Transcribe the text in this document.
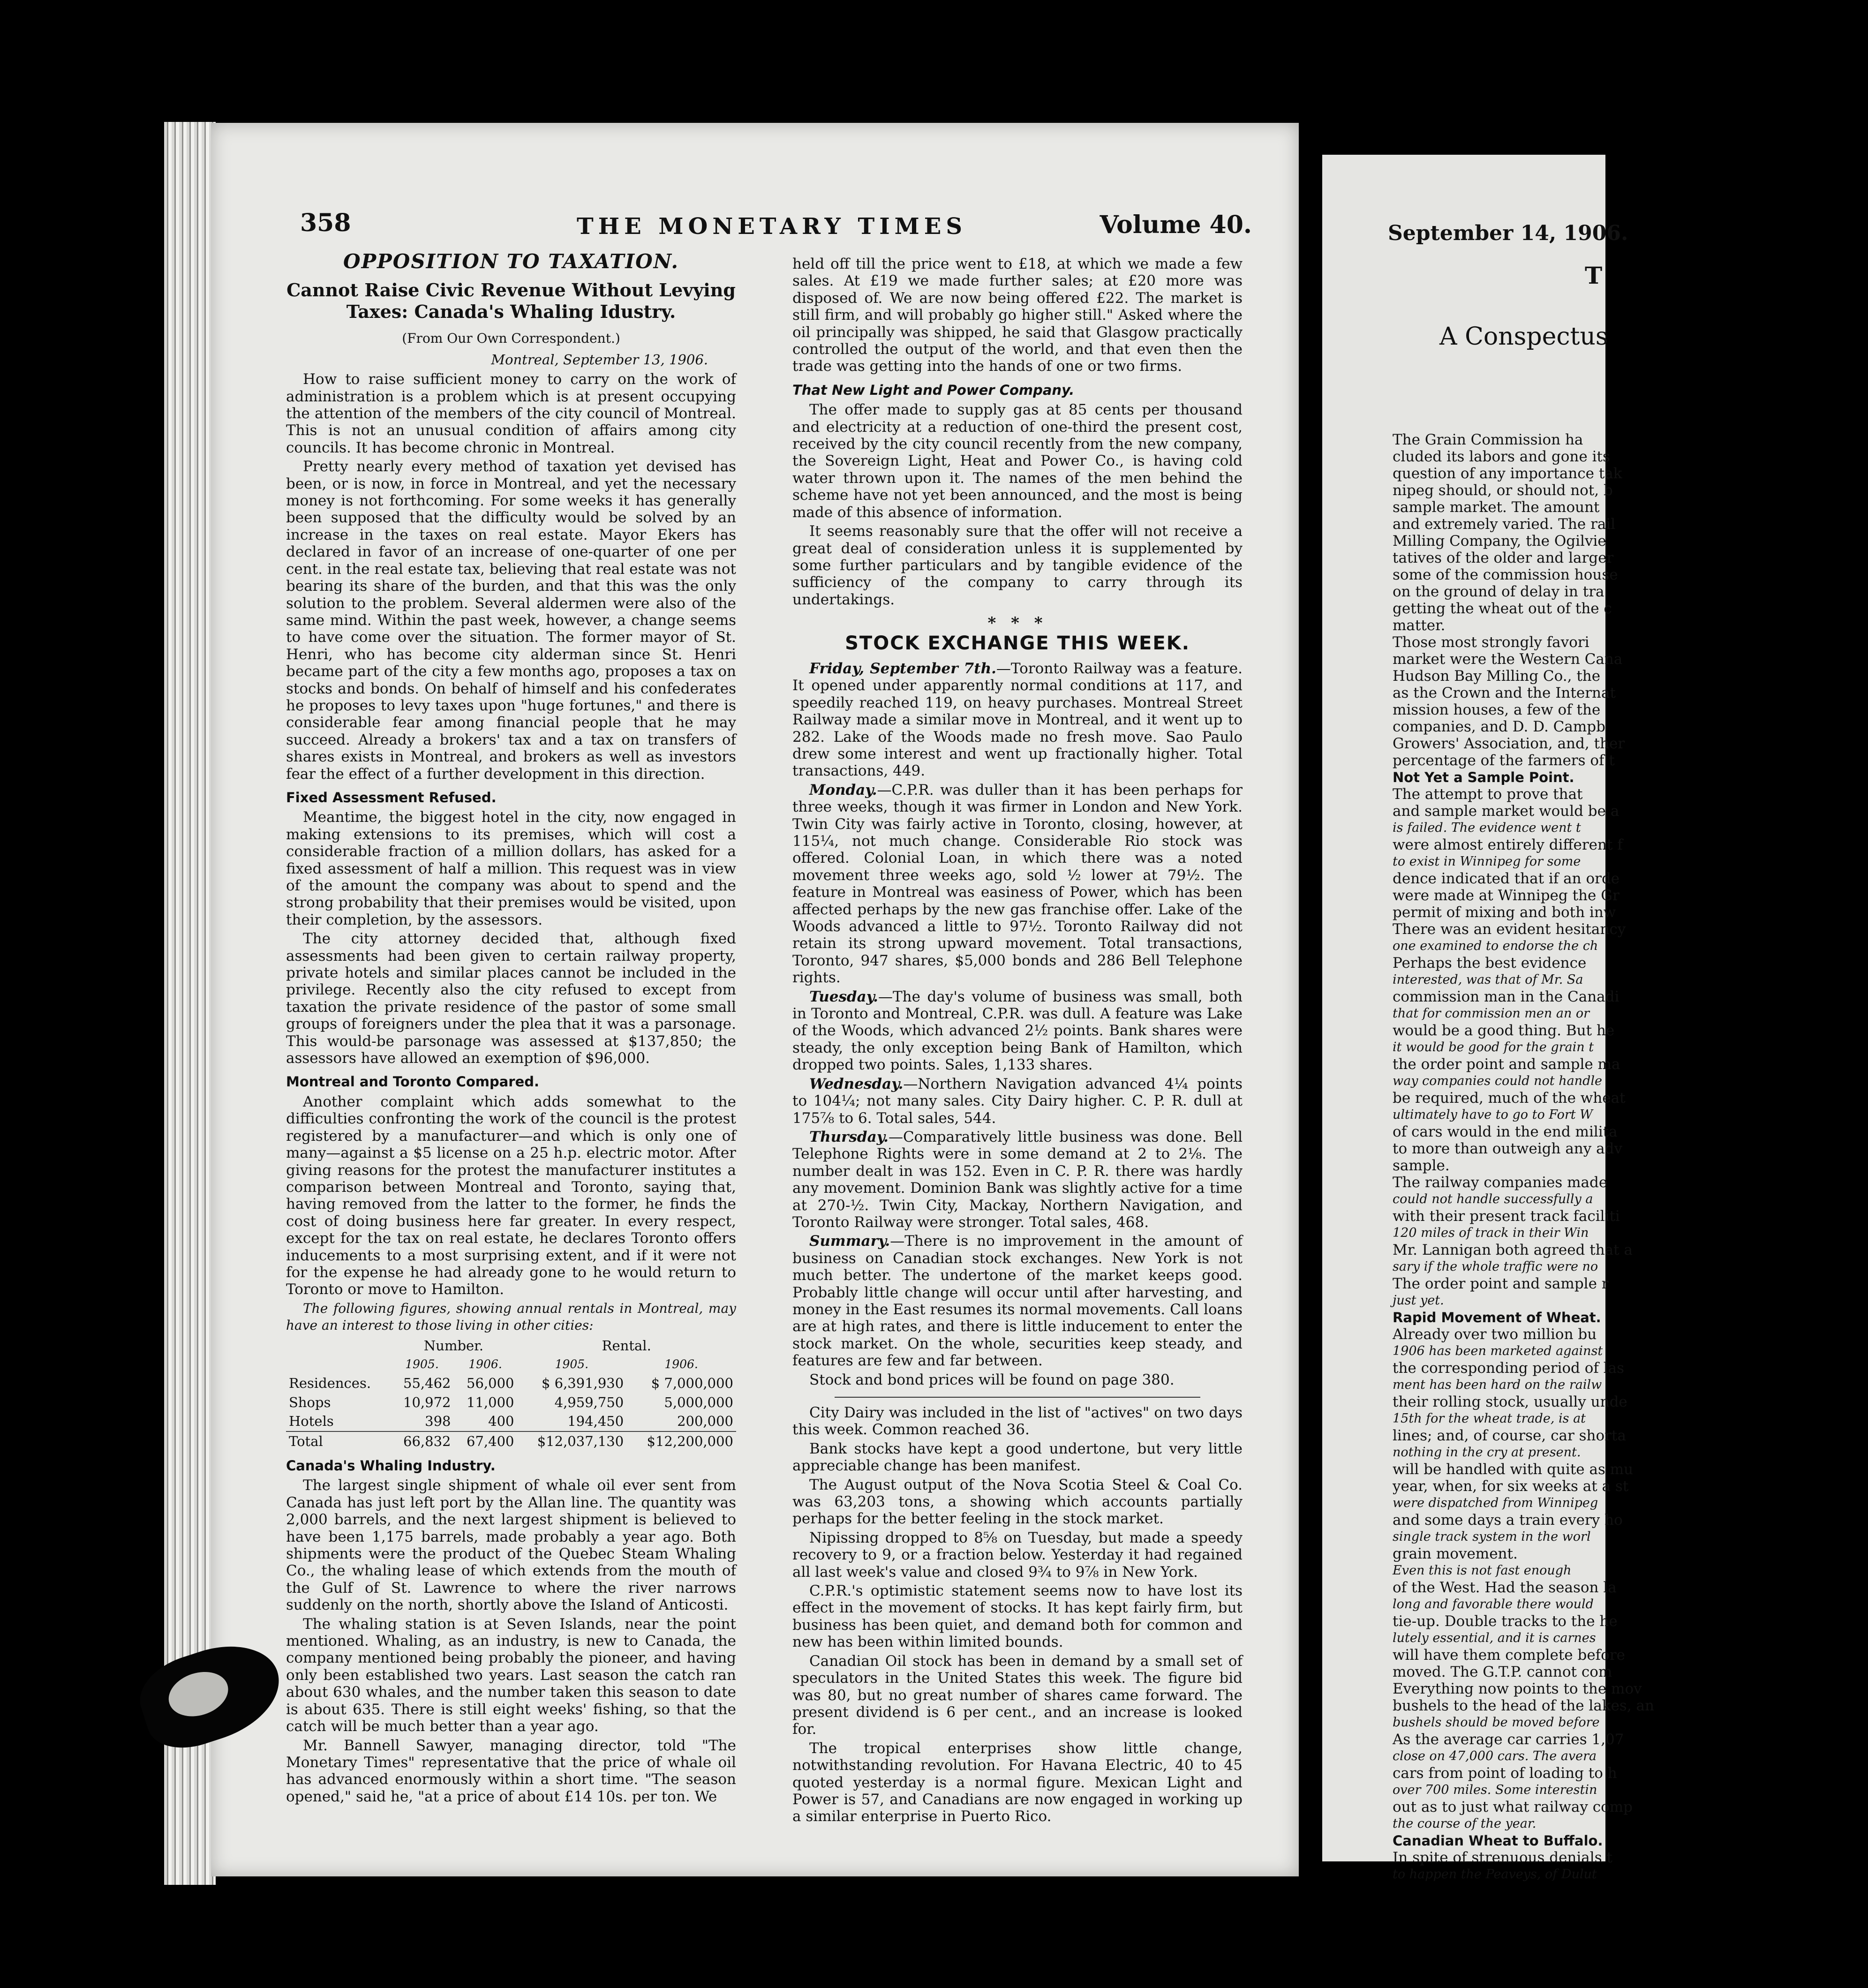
358	THE MONETARY TIMES	Volume 40.
OPPOSITION TO TAXATION.
Cannot Raise Civic Revenue Without Levying Taxes: Canada's Whaling Idustry.
(From Our Own Correspondent.)
Montreal, September 13, 1906.

How to raise sufficient money to carry on the work of administration is a problem which is at present occupying the attention of the members of the city council of Montreal. This is not an unusual condition of affairs among city councils. It has become chronic in Montreal.

Pretty nearly every method of taxation yet devised has been, or is now, in force in Montreal, and yet the necessary money is not forthcoming. For some weeks it has generally been supposed that the difficulty would be solved by an increase in the taxes on real estate. Mayor Ekers has declared in favor of an increase of one-quarter of one per cent. in the real estate tax, believing that real estate was not bearing its share of the burden, and that this was the only solution to the problem. Several aldermen were also of the same mind. Within the past week, however, a change seems to have come over the situation. The former mayor of St. Henri, who has become city alderman since St. Henri became part of the city a few months ago, proposes a tax on stocks and bonds. On behalf of himself and his confederates he proposes to levy taxes upon "huge fortunes," and there is considerable fear among financial people that he may succeed. Already a brokers' tax and a tax on transfers of shares exists in Montreal, and brokers as well as investors fear the effect of a further development in this direction.

Fixed Assessment Refused.

Meantime, the biggest hotel in the city, now engaged in making extensions to its premises, which will cost a considerable fraction of a million dollars, has asked for a fixed assessment of half a million. This request was in view of the amount the company was about to spend and the strong probability that their premises would be visited, upon their completion, by the assessors.

The city attorney decided that, although fixed assessments had been given to certain railway property, private hotels and similar places cannot be included in the privilege. Recently also the city refused to except from taxation the private residence of the pastor of some small groups of foreigners under the plea that it was a parsonage. This would-be parsonage was assessed at $137,850; the assessors have allowed an exemption of $96,000.

Montreal and Toronto Compared.

Another complaint which adds somewhat to the difficulties confronting the work of the council is the protest registered by a manufacturer—and which is only one of many—against a $5 license on a 25 h.p. electric motor. After giving reasons for the protest the manufacturer institutes a comparison between Montreal and Toronto, saying that, having removed from the latter to the former, he finds the cost of doing business here far greater. In every respect, except for the tax on real estate, he declares Toronto offers inducements to a most surprising extent, and if it were not for the expense he had already gone to he would return to Toronto or move to Hamilton.

The following figures, showing annual rentals in Montreal, may have an interest to those living in other cities:

	Number.		Rental.	
	1905.	1906.	1905.	1906.
Residences.	55,462	56,000	$ 6,391,930	$ 7,000,000
Shops	10,972	11,000	4,959,750	5,000,000
Hotels	398	400	194,450	200,000
Total	66,832	67,400	$12,037,130	$12,200,000
Canada's Whaling Industry.

The largest single shipment of whale oil ever sent from Canada has just left port by the Allan line. The quantity was 2,000 barrels, and the next largest shipment is believed to have been 1,175 barrels, made probably a year ago. Both shipments were the product of the Quebec Steam Whaling Co., the whaling lease of which extends from the mouth of the Gulf of St. Lawrence to where the river narrows suddenly on the north, shortly above the Island of Anticosti.

The whaling station is at Seven Islands, near the point mentioned. Whaling, as an industry, is new to Canada, the company mentioned being probably the pioneer, and having only been established two years. Last season the catch ran about 630 whales, and the number taken this season to date is about 635. There is still eight weeks' fishing, so that the catch will be much better than a year ago.

Mr. Bannell Sawyer, managing director, told "The Monetary Times" representative that the price of whale oil has advanced enormously within a short time. "The season opened," said he, "at a price of about £14 10s. per ton. We

held off till the price went to £18, at which we made a few sales. At £19 we made further sales; at £20 more was disposed of. We are now being offered £22. The market is still firm, and will probably go higher still." Asked where the oil principally was shipped, he said that Glasgow practically controlled the output of the world, and that even then the trade was getting into the hands of one or two firms.

That New Light and Power Company.

The offer made to supply gas at 85 cents per thousand and electricity at a reduction of one-third the present cost, received by the city council recently from the new company, the Sovereign Light, Heat and Power Co., is having cold water thrown upon it. The names of the men behind the scheme have not yet been announced, and the most is being made of this absence of information.

It seems reasonably sure that the offer will not receive a great deal of consideration unless it is supplemented by some further particulars and by tangible evidence of the sufficiency of the company to carry through its undertakings.

* * *
STOCK EXCHANGE THIS WEEK.

Friday, September 7th.—Toronto Railway was a feature. It opened under apparently normal conditions at 117, and speedily reached 119, on heavy purchases. Montreal Street Railway made a similar move in Montreal, and it went up to 282. Lake of the Woods made no fresh move. Sao Paulo drew some interest and went up fractionally higher. Total transactions, 449.

Monday.—C.P.R. was duller than it has been perhaps for three weeks, though it was firmer in London and New York. Twin City was fairly active in Toronto, closing, however, at 115¼, not much change. Considerable Rio stock was offered. Colonial Loan, in which there was a noted movement three weeks ago, sold ½ lower at 79½. The feature in Montreal was easiness of Power, which has been affected perhaps by the new gas franchise offer. Lake of the Woods advanced a little to 97½. Toronto Railway did not retain its strong upward movement. Total transactions, Toronto, 947 shares, $5,000 bonds and 286 Bell Telephone rights.

Tuesday.—The day's volume of business was small, both in Toronto and Montreal, C.P.R. was dull. A feature was Lake of the Woods, which advanced 2½ points. Bank shares were steady, the only exception being Bank of Hamilton, which dropped two points. Sales, 1,133 shares.

Wednesday.—Northern Navigation advanced 4¼ points to 104¼; not many sales. City Dairy higher. C. P. R. dull at 175⅞ to 6. Total sales, 544.

Thursday.—Comparatively little business was done. Bell Telephone Rights were in some demand at 2 to 2⅛. The number dealt in was 152. Even in C. P. R. there was hardly any movement. Dominion Bank was slightly active for a time at 270-½. Twin City, Mackay, Northern Navigation, and Toronto Railway were stronger. Total sales, 468.

Summary.—There is no improvement in the amount of business on Canadian stock exchanges. New York is not much better. The undertone of the market keeps good. Probably little change will occur until after harvesting, and money in the East resumes its normal movements. Call loans are at high rates, and there is little inducement to enter the stock market. On the whole, securities keep steady, and features are few and far between.

Stock and bond prices will be found on page 380.

City Dairy was included in the list of "actives" on two days this week. Common reached 36.

Bank stocks have kept a good undertone, but very little appreciable change has been manifest.

The August output of the Nova Scotia Steel & Coal Co. was 63,203 tons, a showing which accounts partially perhaps for the better feeling in the stock market.

Nipissing dropped to 8⅝ on Tuesday, but made a speedy recovery to 9, or a fraction below. Yesterday it had regained all last week's value and closed 9¾ to 9⅞ in New York.

C.P.R.'s optimistic statement seems now to have lost its effect in the movement of stocks. It has kept fairly firm, but business has been quiet, and demand both for common and new has been within limited bounds.

Canadian Oil stock has been in demand by a small set of speculators in the United States this week. The figure bid was 80, but no great number of shares came forward. The present dividend is 6 per cent., and an increase is looked for.

The tropical enterprises show little change, notwithstanding revolution. For Havana Electric, 40 to 45 quoted yesterday is a normal figure. Mexican Light and Power is 57, and Canadians are now engaged in working up a similar enterprise in Puerto Rico.

September 14, 1906.
T
A Conspectus
The Grain Commission ha
cluded its labors and gone its
question of any importance tak
nipeg should, or should not, b
sample market. The amount
and extremely varied. The rail
Milling Company, the Ogilvie
tatives of the older and larger
some of the commission house
on the ground of delay in tra
getting the wheat out of the c
matter.
Those most strongly favori
market were the Western Cana
Hudson Bay Milling Co., the
as the Crown and the Internat
mission houses, a few of the
companies, and D. D. Campb
Growers' Association, and, ther
percentage of the farmers of t
Not Yet a Sample Point.
The attempt to prove that
and sample market would be a
is failed. The evidence went t
were almost entirely different f
to exist in Winnipeg for some
dence indicated that if an orde
were made at Winnipeg the Gr
permit of mixing and both inw
There was an evident hesitancy
one examined to endorse the ch
Perhaps the best evidence
interested, was that of Mr. Sa
commission man in the Canadi
that for commission men an or
would be a good thing. But he
it would be good for the grain t
the order point and sample ma
way companies could not handle
be required, much of the wheat
ultimately have to go to Fort W
of cars would in the end milita
to more than outweigh any adv
sample.
The railway companies made
could not handle successfully a
with their present track faciliti
120 miles of track in their Win
Mr. Lannigan both agreed that a
sary if the whole traffic were no
The order point and sample r
just yet.
Rapid Movement of Wheat.
Already over two million bu
1906 has been marketed against
the corresponding period of las
ment has been hard on the railw
their rolling stock, usually unde
15th for the wheat trade, is at
lines; and, of course, car shorta
nothing in the cry at present.
will be handled with quite as mu
year, when, for six weeks at a st
were dispatched from Winnipeg
and some days a train every ho
single track system in the worl
grain movement.
Even this is not fast enough
of the West. Had the season la
long and favorable there would
tie-up. Double tracks to the he
lutely essential, and it is carnes
will have them complete before
moved. The G.T.P. cannot com
Everything now points to the mov
bushels to the head of the lakes, an
bushels should be moved before
As the average car carries 1,07
close on 47,000 cars. The avera
cars from point of loading to h
over 700 miles. Some interestin
out as to just what railway comp
the course of the year.
Canadian Wheat to Buffalo.
In spite of strenuous denials t
to happen the Peaveys, of Dulut
